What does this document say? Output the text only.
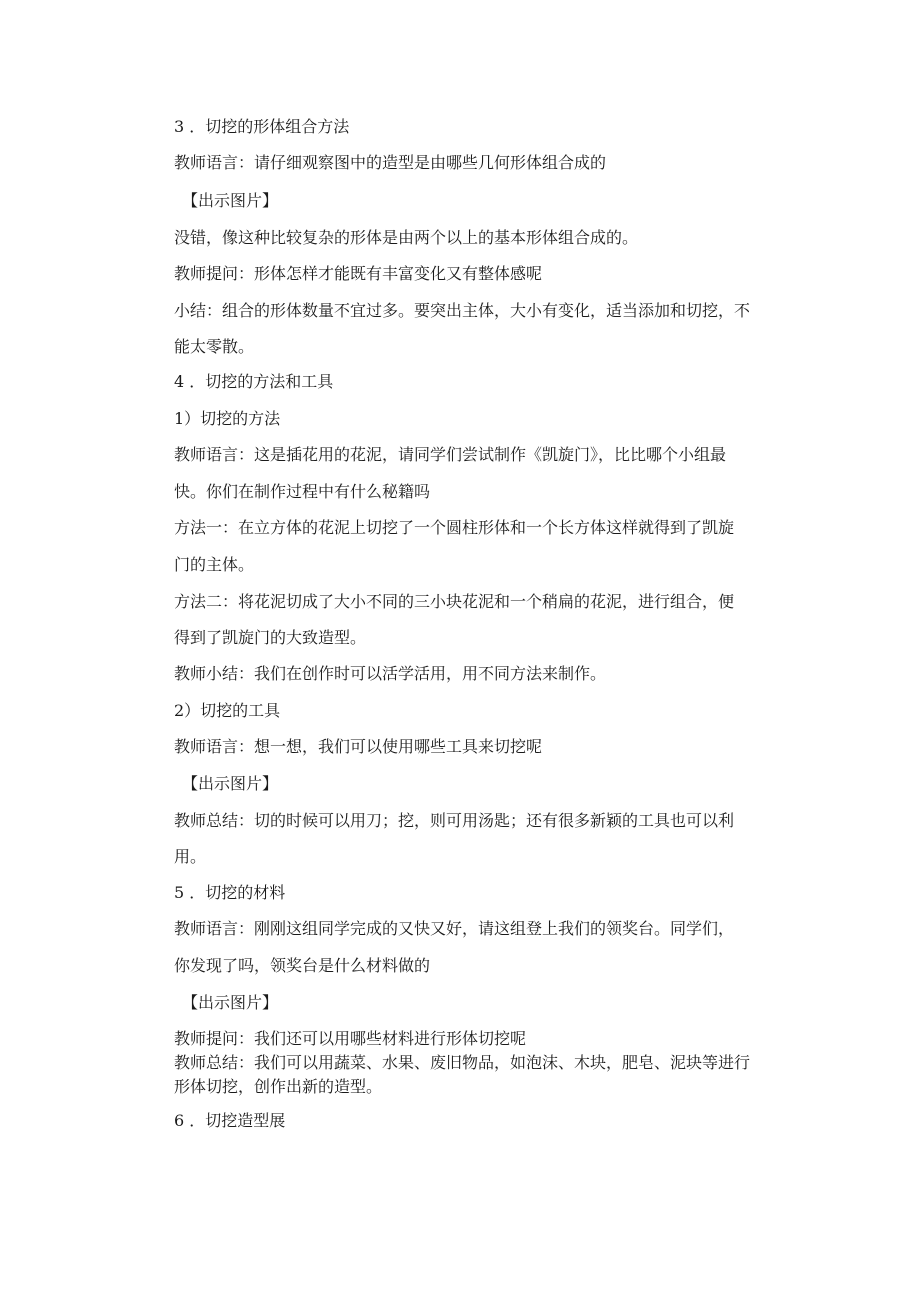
3 ．切挖的形体组合方法
教师语言：请仔细观察图中的造型是由哪些几何形体组合成的
【出示图片】
没错，像这种比较复杂的形体是由两个以上的基本形体组合成的。
教师提问：形体怎样才能既有丰富变化又有整体感呢
小结：组合的形体数量不宜过多。要突出主体，大小有变化，适当添加和切挖，不
能太零散。
4 ．切挖的方法和工具
1）切挖的方法
教师语言：这是插花用的花泥，请同学们尝试制作《凯旋门》，比比哪个小组最
快。你们在制作过程中有什么秘籍吗
方法一：在立方体的花泥上切挖了一个圆柱形体和一个长方体这样就得到了凯旋
门的主体。
方法二：将花泥切成了大小不同的三小块花泥和一个稍扁的花泥，进行组合，便
得到了凯旋门的大致造型。
教师小结：我们在创作时可以活学活用，用不同方法来制作。
2）切挖的工具
教师语言：想一想，我们可以使用哪些工具来切挖呢
【出示图片】
教师总结：切的时候可以用刀；挖，则可用汤匙；还有很多新颖的工具也可以利
用。
5 ．切挖的材料
教师语言：刚刚这组同学完成的又快又好，请这组登上我们的领奖台。同学们，
你发现了吗，领奖台是什么材料做的
【出示图片】
教师提问：我们还可以用哪些材料进行形体切挖呢
教师总结：我们可以用蔬菜、水果、废旧物品，如泡沫、木块，肥皂、泥块等进行
形体切挖，创作出新的造型。
6 ．切挖造型展
